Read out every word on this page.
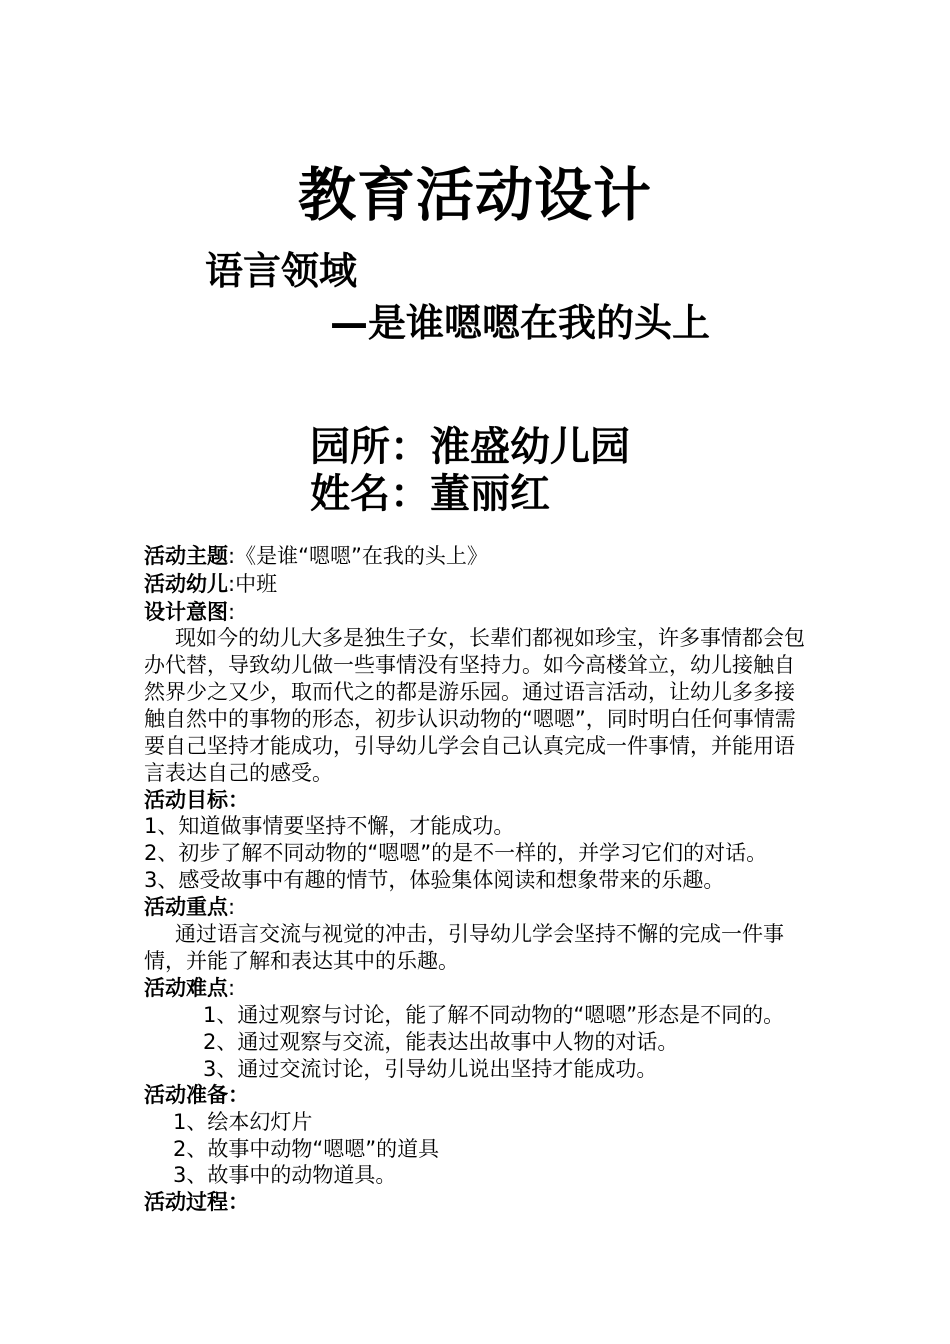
教育活动设计
语言领域
—是谁嗯嗯在我的头上
园所：淮盛幼儿园
姓名：董丽红
活动主题:《是谁“嗯嗯”在我的头上》
活动幼儿:中班
设计意图:
现如今的幼儿大多是独生子女，长辈们都视如珍宝，许多事情都会包办代替，导致幼儿做一些事情没有坚持力。如今高楼耸立，幼儿接触自然界少之又少，取而代之的都是游乐园。通过语言活动，让幼儿多多接触自然中的事物的形态，初步认识动物的“嗯嗯”，同时明白任何事情需要自己坚持才能成功，引导幼儿学会自己认真完成一件事情，并能用语言表达自己的感受。
活动目标：
1、知道做事情要坚持不懈，才能成功。
2、初步了解不同动物的“嗯嗯”的是不一样的，并学习它们的对话。
3、感受故事中有趣的情节，体验集体阅读和想象带来的乐趣。
活动重点:
通过语言交流与视觉的冲击，引导幼儿学会坚持不懈的完成一件事情，并能了解和表达其中的乐趣。
活动难点:
1、通过观察与讨论，能了解不同动物的“嗯嗯”形态是不同的。
2、通过观察与交流，能表达出故事中人物的对话。
3、通过交流讨论，引导幼儿说出坚持才能成功。
活动准备：
1、绘本幻灯片
2、故事中动物“嗯嗯”的道具
3、故事中的动物道具。
活动过程：
